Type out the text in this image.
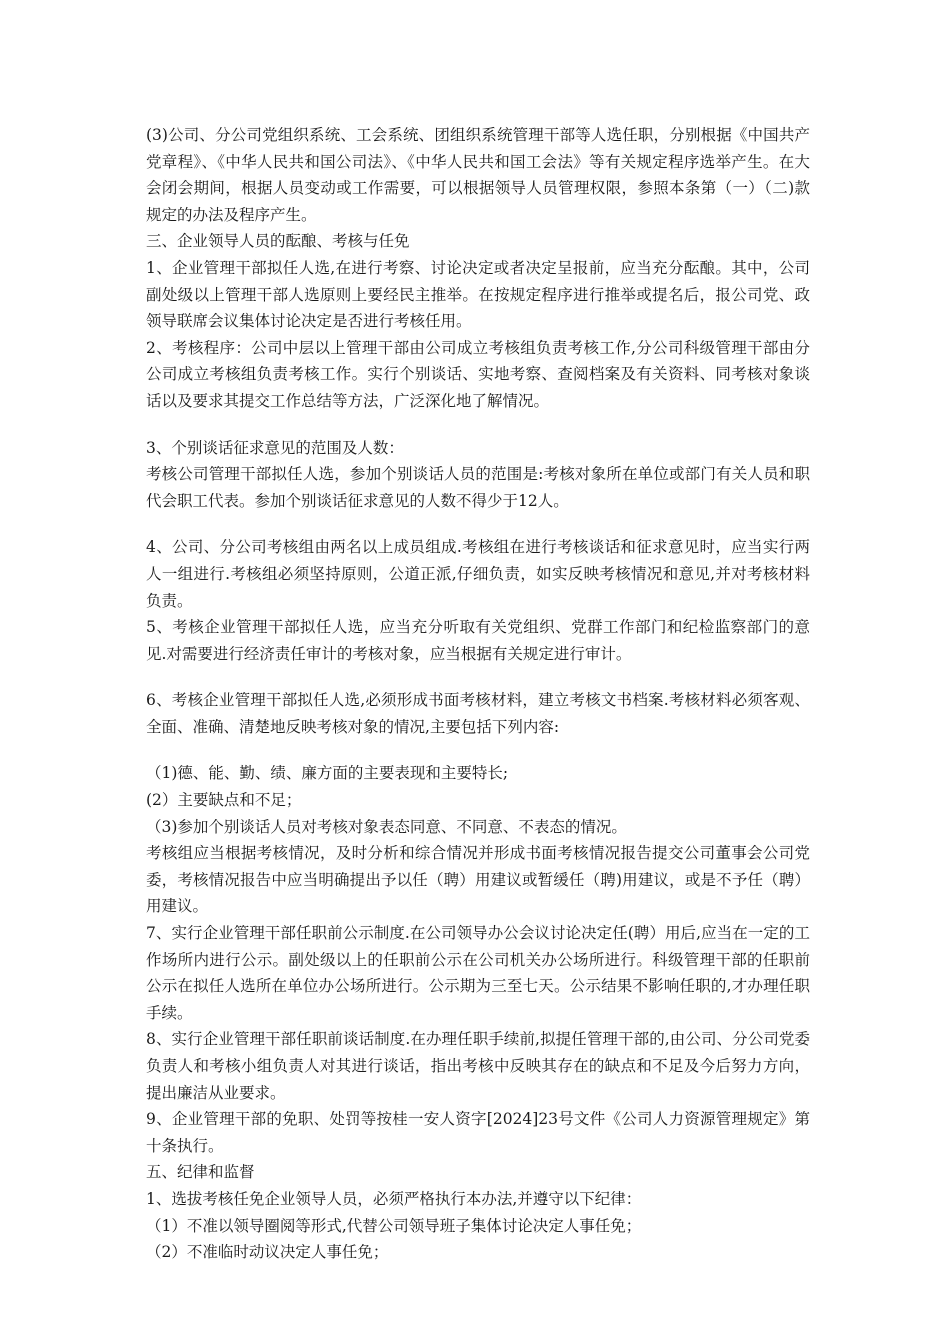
(3)公司、分公司党组织系统、工会系统、团组织系统管理干部等人选任职，分别根据《中国共产党章程》、《中华人民共和国公司法》、《中华人民共和国工会法》等有关规定程序选举产生。在大会闭会期间，根据人员变动或工作需要，可以根据领导人员管理权限，参照本条第（一）（二)款规定的办法及程序产生。

三、企业领导人员的酝酿、考核与任免

1、企业管理干部拟任人选,在进行考察、讨论决定或者决定呈报前，应当充分酝酿。其中，公司副处级以上管理干部人选原则上要经民主推举。在按规定程序进行推举或提名后，报公司党、政领导联席会议集体讨论决定是否进行考核任用。

2、考核程序：公司中层以上管理干部由公司成立考核组负责考核工作,分公司科级管理干部由分公司成立考核组负责考核工作。实行个别谈话、实地考察、查阅档案及有关资料、同考核对象谈话以及要求其提交工作总结等方法，广泛深化地了解情况。

3、个别谈话征求意见的范围及人数：

考核公司管理干部拟任人选，参加个别谈话人员的范围是:考核对象所在单位或部门有关人员和职代会职工代表。参加个别谈话征求意见的人数不得少于12人。

4、公司、分公司考核组由两名以上成员组成.考核组在进行考核谈话和征求意见时，应当实行两人一组进行.考核组必须坚持原则，公道正派,仔细负责，如实反映考核情况和意见,并对考核材料负责。

5、考核企业管理干部拟任人选，应当充分听取有关党组织、党群工作部门和纪检监察部门的意见.对需要进行经济责任审计的考核对象，应当根据有关规定进行审计。

6、考核企业管理干部拟任人选,必须形成书面考核材料，建立考核文书档案.考核材料必须客观、全面、准确、清楚地反映考核对象的情况,主要包括下列内容:

（1)德、能、勤、绩、廉方面的主要表现和主要特长;

(2）主要缺点和不足；

（3)参加个别谈话人员对考核对象表态同意、不同意、不表态的情况。

考核组应当根据考核情况，及时分析和综合情况并形成书面考核情况报告提交公司董事会公司党委，考核情况报告中应当明确提出予以任（聘）用建议或暂缓任（聘)用建议，或是不予任（聘）用建议。

7、实行企业管理干部任职前公示制度.在公司领导办公会议讨论决定任(聘）用后,应当在一定的工作场所内进行公示。副处级以上的任职前公示在公司机关办公场所进行。科级管理干部的任职前公示在拟任人选所在单位办公场所进行。公示期为三至七天。公示结果不影响任职的,才办理任职手续。

8、实行企业管理干部任职前谈话制度.在办理任职手续前,拟提任管理干部的,由公司、分公司党委负责人和考核小组负责人对其进行谈话，指出考核中反映其存在的缺点和不足及今后努力方向，提出廉洁从业要求。

9、企业管理干部的免职、处罚等按桂一安人资字[2024]23号文件《公司人力资源管理规定》第十条执行。

五、纪律和监督

1、选拔考核任免企业领导人员，必须严格执行本办法,并遵守以下纪律：

（1）不准以领导圈阅等形式,代替公司领导班子集体讨论决定人事任免；

（2）不准临时动议决定人事任免；
